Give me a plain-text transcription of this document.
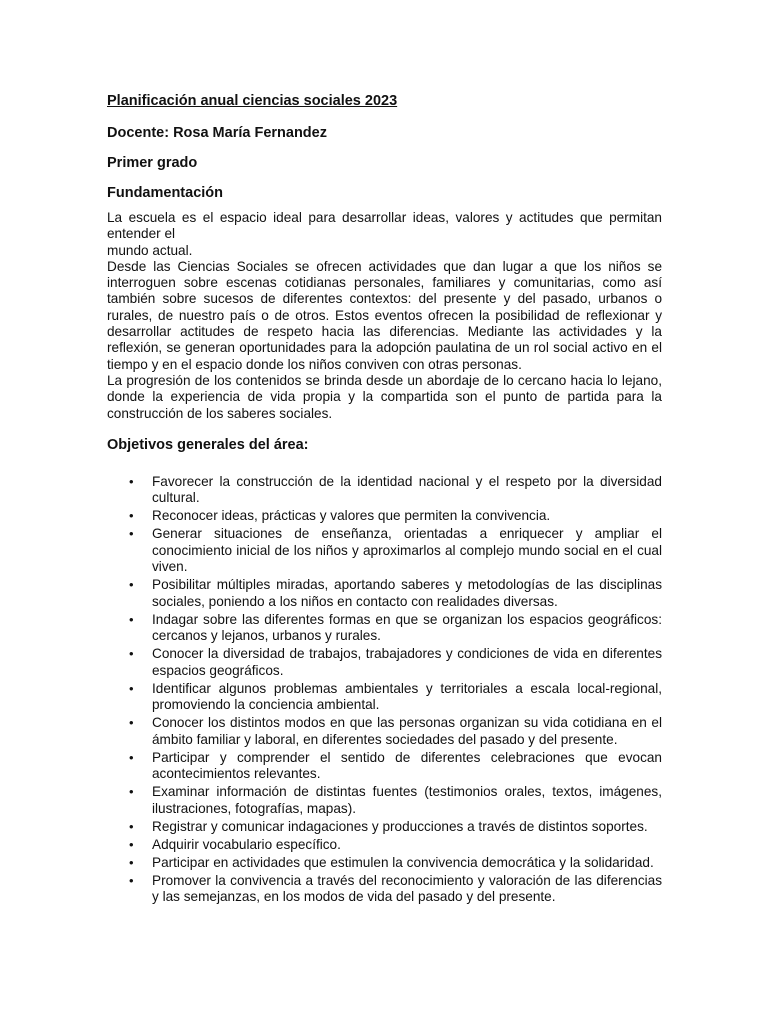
Planificación anual ciencias sociales 2023
Docente: Rosa María Fernandez
Primer grado
Fundamentación

La escuela es el espacio ideal para desarrollar ideas, valores y actitudes que permitan entender el

mundo actual.

Desde las Ciencias Sociales se ofrecen actividades que dan lugar a que los niños se interroguen sobre escenas cotidianas personales, familiares y comunitarias, como así también sobre sucesos de diferentes contextos: del presente y del pasado, urbanos o rurales, de nuestro país o de otros. Estos eventos ofrecen la posibilidad de reflexionar y desarrollar actitudes de respeto hacia las diferencias. Mediante las actividades y la reflexión, se generan oportunidades para la adopción paulatina de un rol social activo en el tiempo y en el espacio donde los niños conviven con otras personas.

La progresión de los contenidos se brinda desde un abordaje de lo cercano hacia lo lejano, donde la experiencia de vida propia y la compartida son el punto de partida para la construcción de los saberes sociales.

Objetivos generales del área:
• Favorecer la construcción de la identidad nacional y el respeto por la diversidad cultural.
• Reconocer ideas, prácticas y valores que permiten la convivencia.
• Generar situaciones de enseñanza, orientadas a enriquecer y ampliar el conocimiento inicial de los niños y aproximarlos al complejo mundo social en el cual viven.
• Posibilitar múltiples miradas, aportando saberes y metodologías de las disciplinas sociales, poniendo a los niños en contacto con realidades diversas.
• Indagar sobre las diferentes formas en que se organizan los espacios geográficos: cercanos y lejanos, urbanos y rurales.
• Conocer la diversidad de trabajos, trabajadores y condiciones de vida en diferentes espacios geográficos.
• Identificar algunos problemas ambientales y territoriales a escala local-regional, promoviendo la conciencia ambiental.
• Conocer los distintos modos en que las personas organizan su vida cotidiana en el ámbito familiar y laboral, en diferentes sociedades del pasado y del presente.
• Participar y comprender el sentido de diferentes celebraciones que evocan acontecimientos relevantes.
• Examinar información de distintas fuentes (testimonios orales, textos, imágenes, ilustraciones, fotografías, mapas).
• Registrar y comunicar indagaciones y producciones a través de distintos soportes.
• Adquirir vocabulario específico.
• Participar en actividades que estimulen la convivencia democrática y la solidaridad.
• Promover la convivencia a través del reconocimiento y valoración de las diferencias y las semejanzas, en los modos de vida del pasado y del presente.
